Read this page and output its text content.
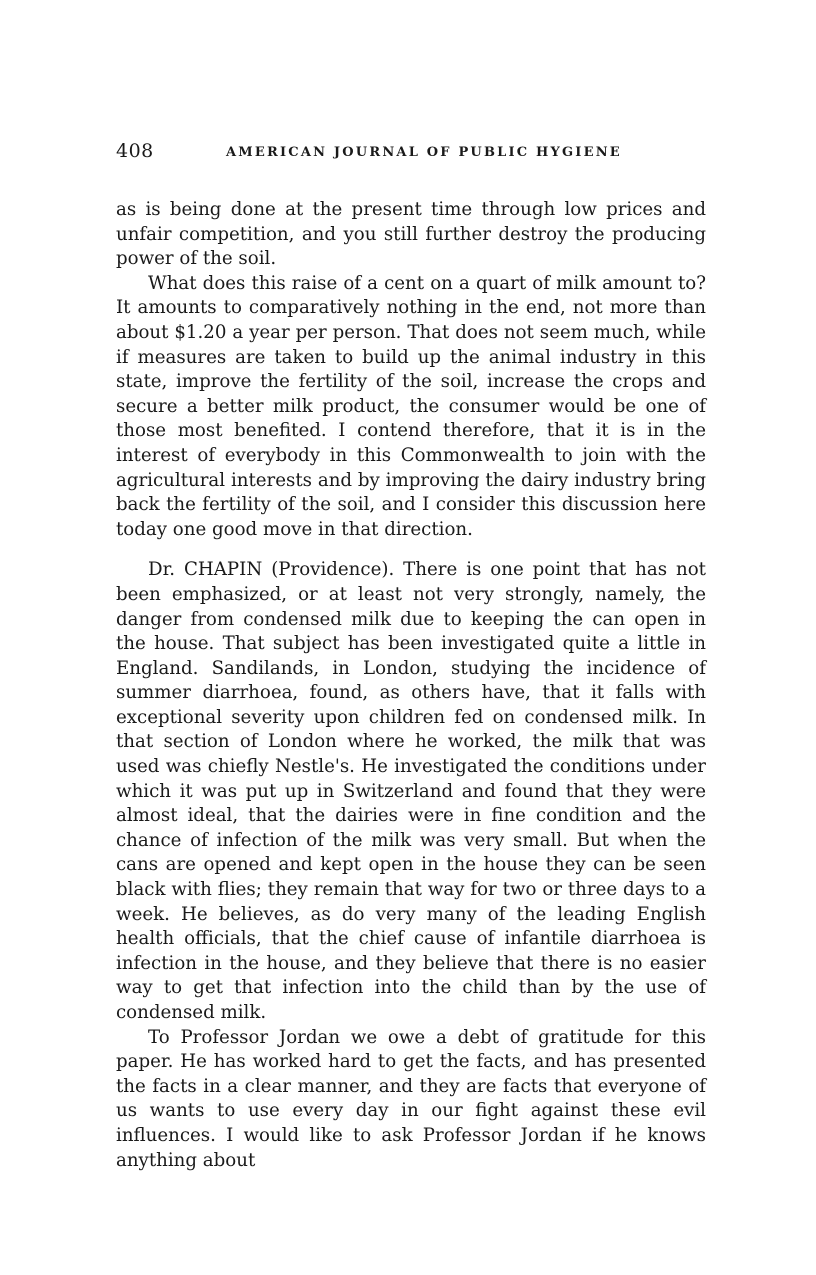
408	AMERICAN JOURNAL OF PUBLIC HYGIENE

as is being done at the present time through low prices and unfair competition, and you still further destroy the producing power of the soil.

What does this raise of a cent on a quart of milk amount to? It amounts to comparatively nothing in the end, not more than about $1.20 a year per person. That does not seem much, while if measures are taken to build up the animal industry in this state, improve the fertility of the soil, increase the crops and secure a better milk product, the consumer would be one of those most benefited. I contend therefore, that it is in the interest of everybody in this Commonwealth to join with the agricultural interests and by improving the dairy industry bring back the fertility of the soil, and I consider this discussion here today one good move in that direction.

Dr. CHAPIN (Providence). There is one point that has not been emphasized, or at least not very strongly, namely, the danger from condensed milk due to keeping the can open in the house. That subject has been investigated quite a little in England. Sandilands, in London, studying the incidence of summer diarrhoea, found, as others have, that it falls with exceptional severity upon children fed on condensed milk. In that section of London where he worked, the milk that was used was chiefly Nestle's. He investigated the conditions under which it was put up in Switzerland and found that they were almost ideal, that the dairies were in fine condition and the chance of infection of the milk was very small. But when the cans are opened and kept open in the house they can be seen black with flies; they remain that way for two or three days to a week. He believes, as do very many of the leading English health officials, that the chief cause of infantile diarrhoea is infection in the house, and they believe that there is no easier way to get that infection into the child than by the use of condensed milk.

To Professor Jordan we owe a debt of gratitude for this paper. He has worked hard to get the facts, and has presented the facts in a clear manner, and they are facts that everyone of us wants to use every day in our fight against these evil influences. I would like to ask Professor Jordan if he knows anything about
